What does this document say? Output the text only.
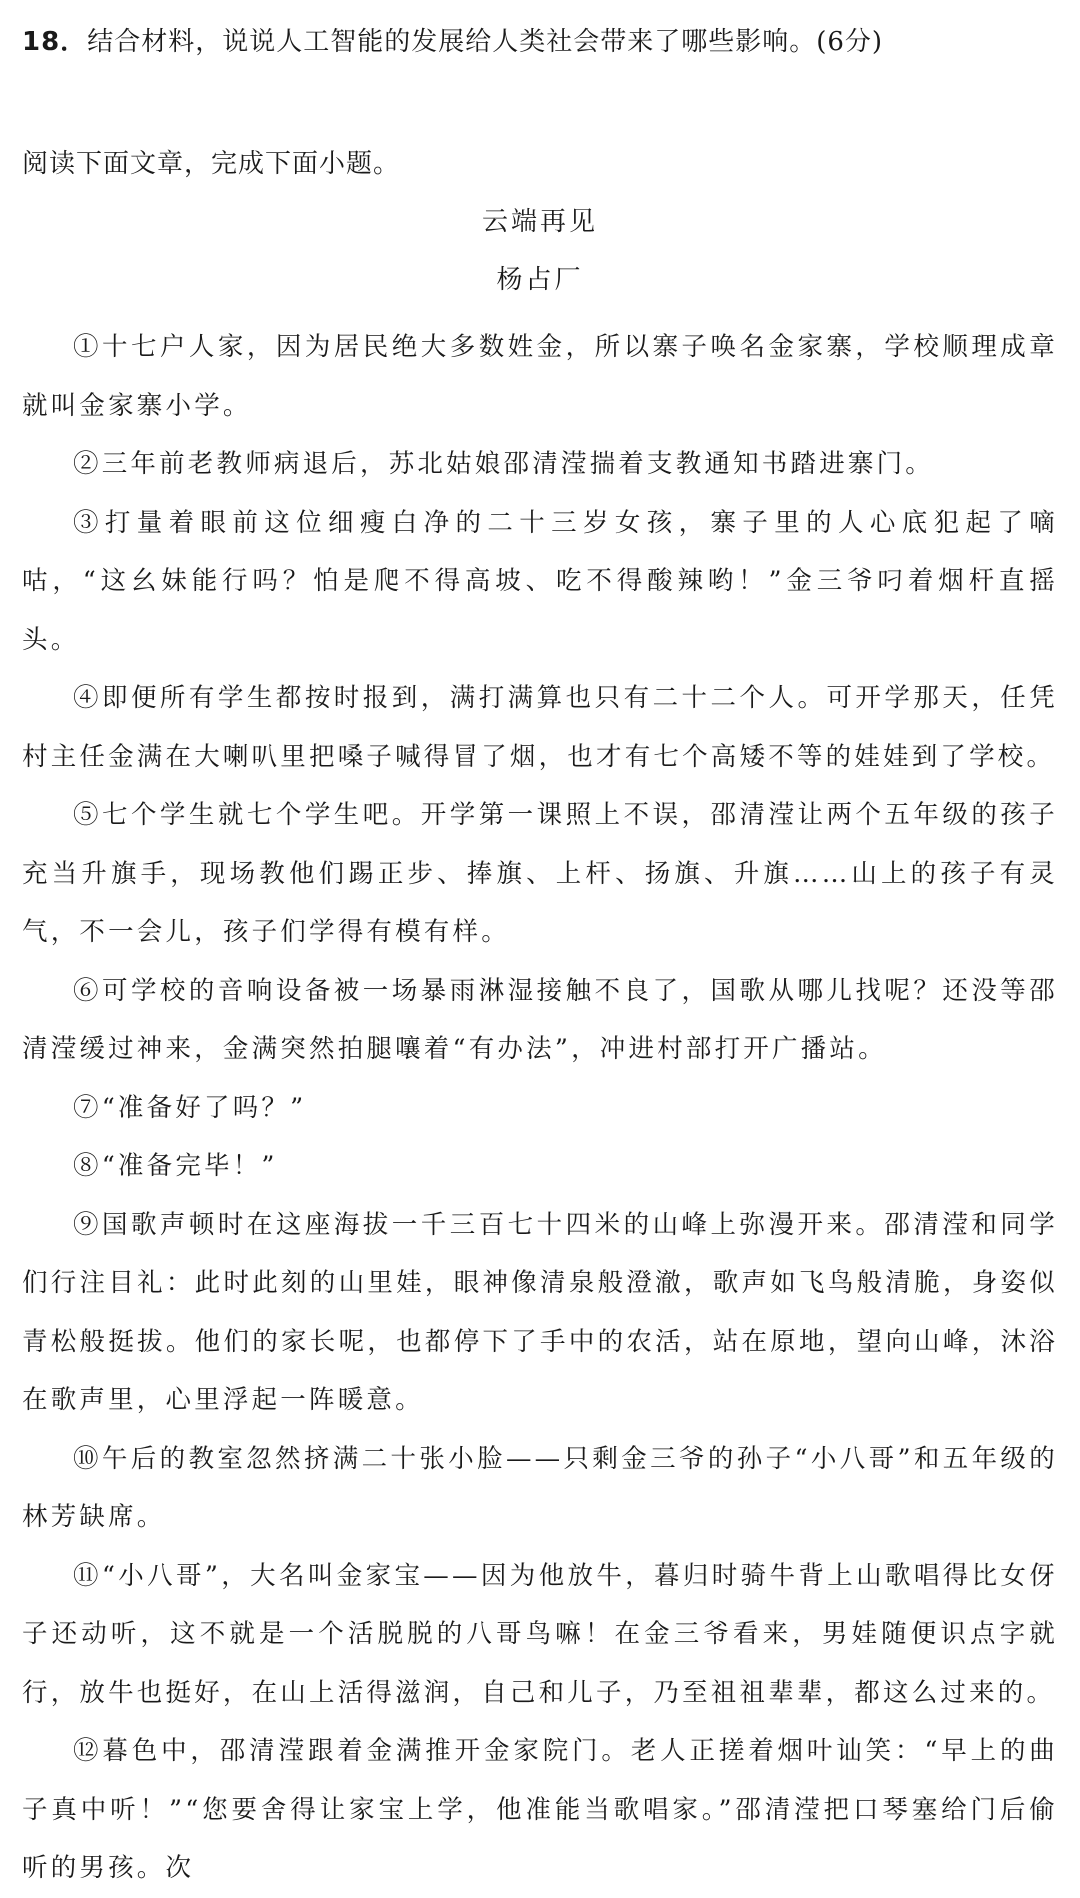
18．结合材料，说说人工智能的发展给人类社会带来了哪些影响。(6分)
阅读下面文章，完成下面小题。
云端再见
杨占厂

①十七户人家，因为居民绝大多数姓金，所以寨子唤名金家寨，学校顺理成章就叫金家寨小学。

②三年前老教师病退后，苏北姑娘邵清滢揣着支教通知书踏进寨门。

③打量着眼前这位细瘦白净的二十三岁女孩，寨子里的人心底犯起了嘀咕，“这幺妹能行吗？怕是爬不得高坡、吃不得酸辣哟！”金三爷叼着烟杆直摇头。

④即便所有学生都按时报到，满打满算也只有二十二个人。可开学那天，任凭村主任金满在大喇叭里把嗓子喊得冒了烟，也才有七个高矮不等的娃娃到了学校。

⑤七个学生就七个学生吧。开学第一课照上不误，邵清滢让两个五年级的孩子充当升旗手，现场教他们踢正步、捧旗、上杆、扬旗、升旗……山上的孩子有灵气，不一会儿，孩子们学得有模有样。

⑥可学校的音响设备被一场暴雨淋湿接触不良了，国歌从哪儿找呢？还没等邵清滢缓过神来，金满突然拍腿嚷着“有办法”，冲进村部打开广播站。

⑦“准备好了吗？”

⑧“准备完毕！”

⑨国歌声顿时在这座海拔一千三百七十四米的山峰上弥漫开来。邵清滢和同学们行注目礼：此时此刻的山里娃，眼神像清泉般澄澈，歌声如飞鸟般清脆，身姿似青松般挺拔。他们的家长呢，也都停下了手中的农活，站在原地，望向山峰，沐浴在歌声里，心里浮起一阵暖意。

⑩午后的教室忽然挤满二十张小脸——只剩金三爷的孙子“小八哥”和五年级的林芳缺席。

⑪“小八哥”，大名叫金家宝——因为他放牛，暮归时骑牛背上山歌唱得比女伢子还动听，这不就是一个活脱脱的八哥鸟嘛！在金三爷看来，男娃随便识点字就行，放牛也挺好，在山上活得滋润，自己和儿子，乃至祖祖辈辈，都这么过来的。

⑫暮色中，邵清滢跟着金满推开金家院门。老人正搓着烟叶讪笑：“早上的曲子真中听！”“您要舍得让家宝上学，他准能当歌唱家。”邵清滢把口琴塞给门后偷听的男孩。次
